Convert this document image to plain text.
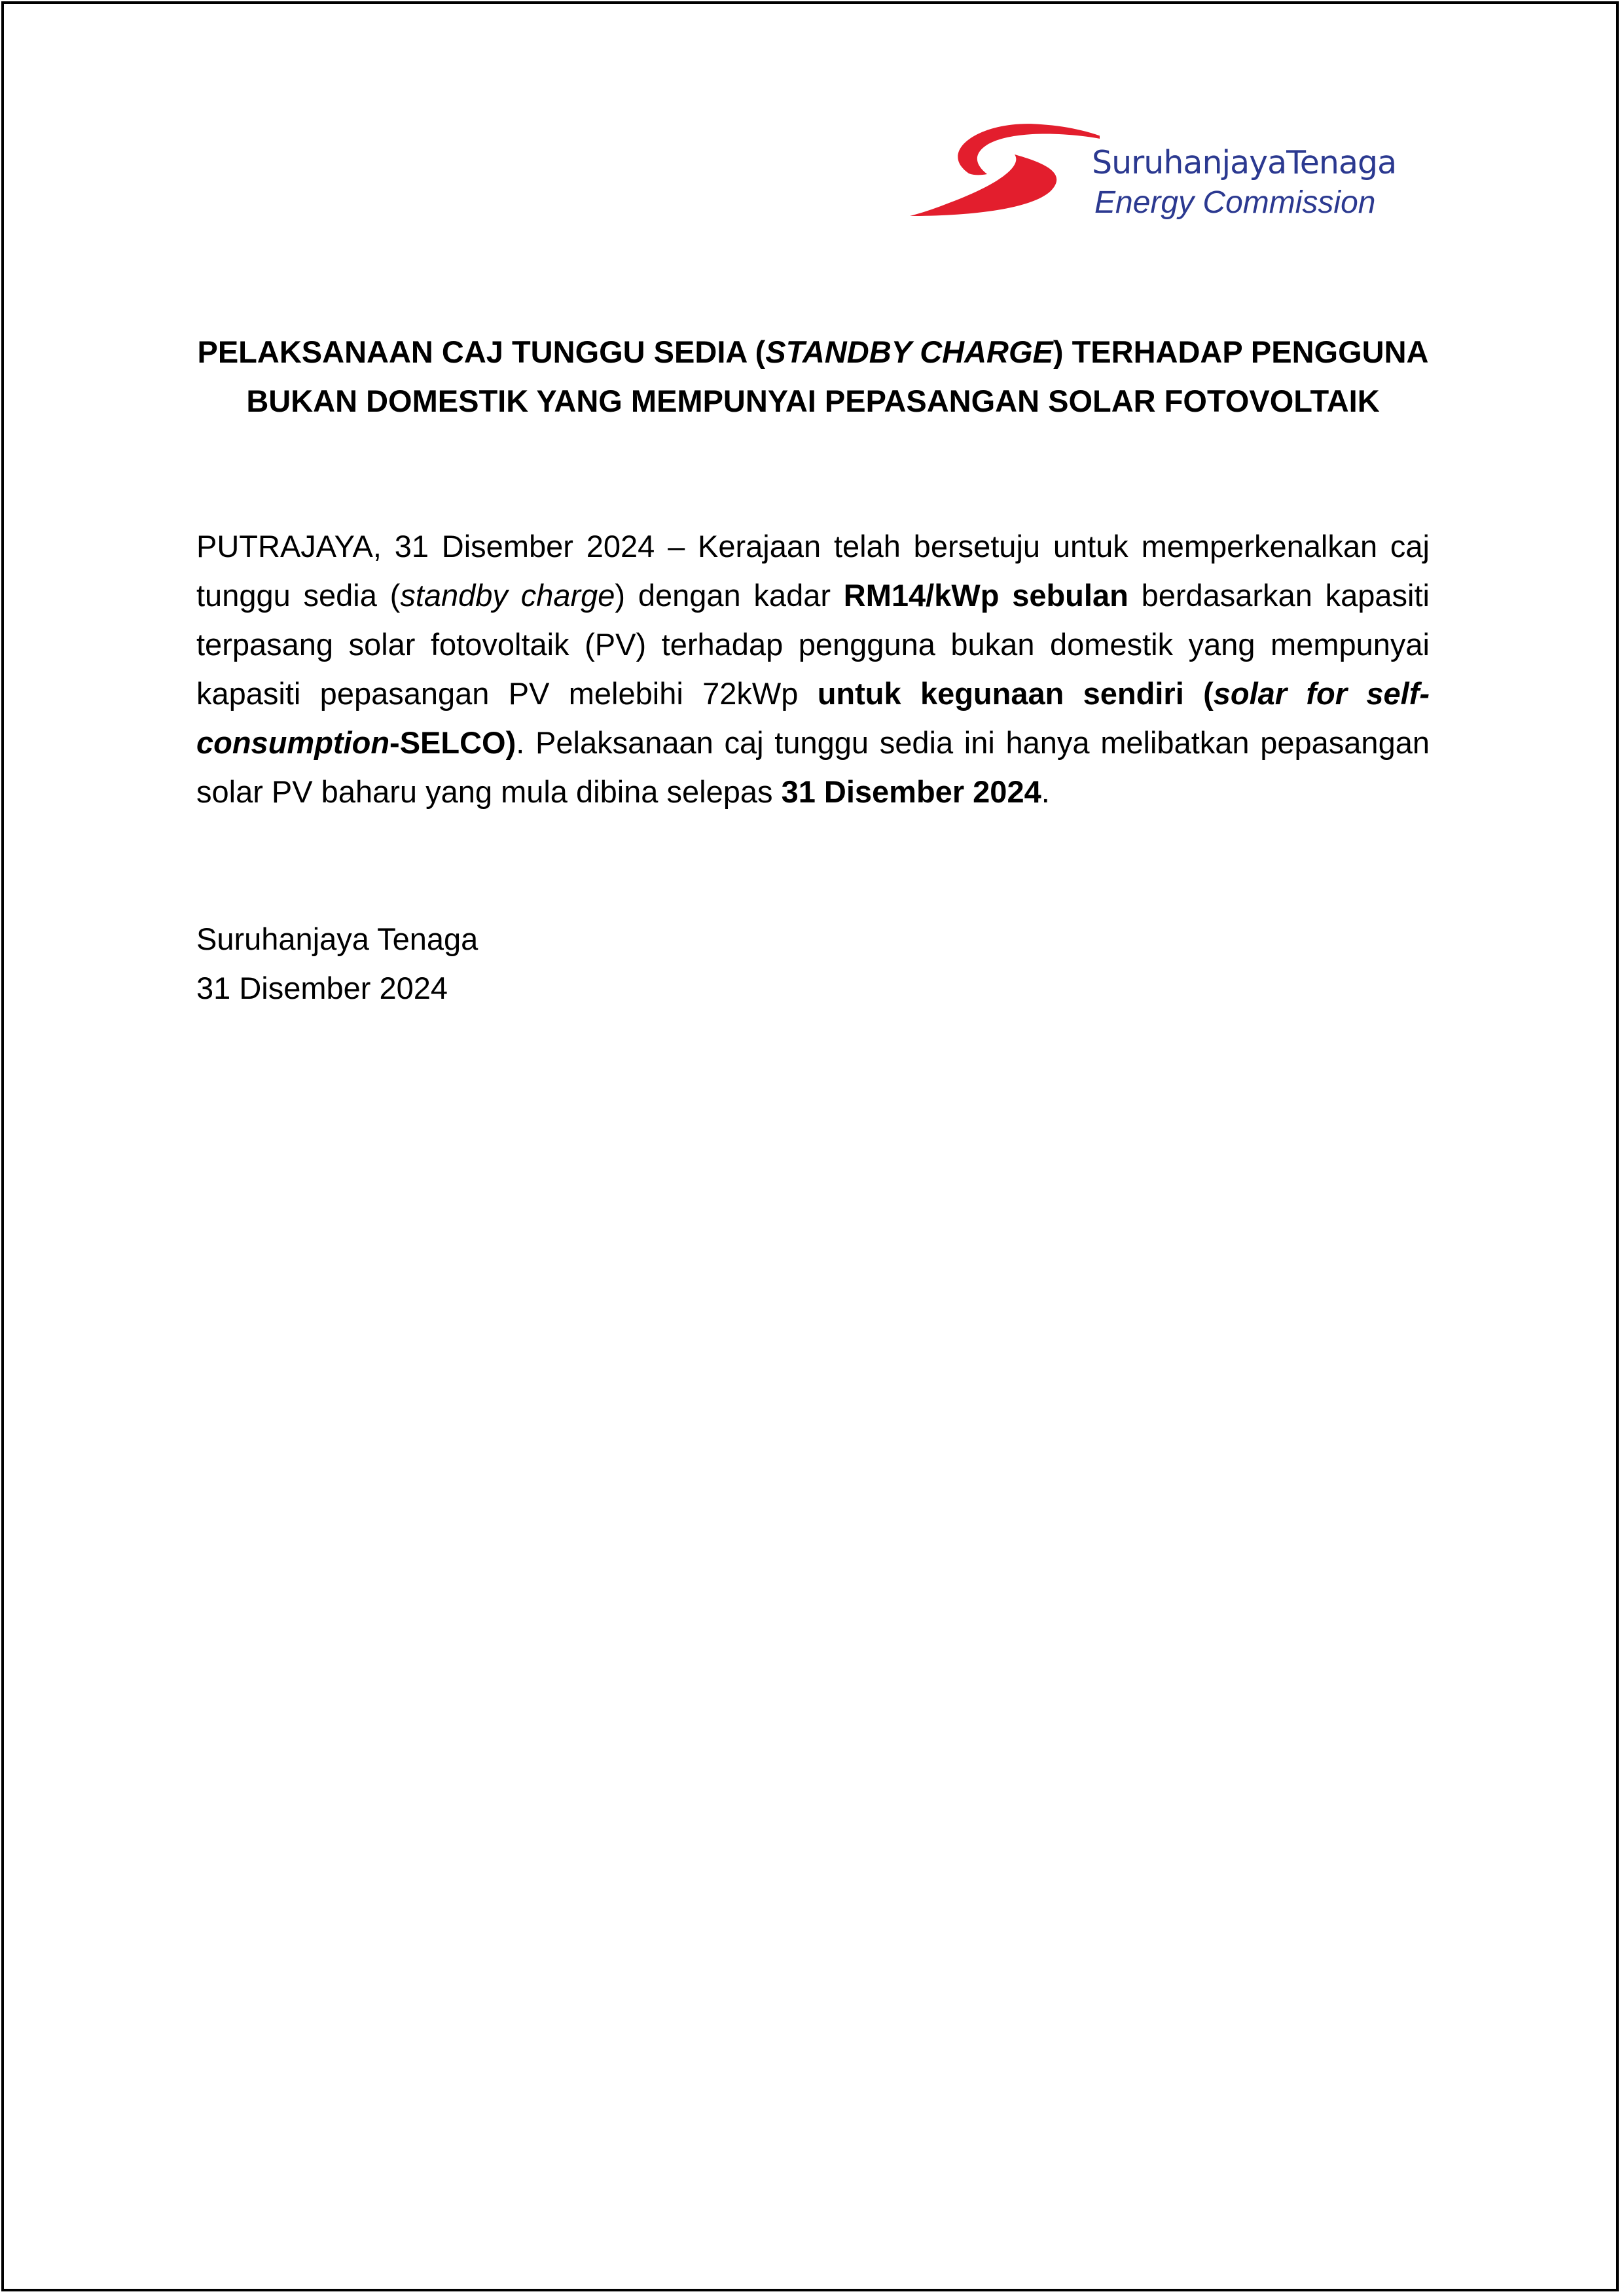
SuruhanjayaTenaga
Energy Commission
PELAKSANAAN CAJ TUNGGU SEDIA (STANDBY CHARGE) TERHADAP PENGGUNA BUKAN DOMESTIK YANG MEMPUNYAI PEPASANGAN SOLAR FOTOVOLTAIK

PUTRAJAYA, 31 Disember 2024 – Kerajaan telah bersetuju untuk memperkenalkan caj tunggu sedia (standby charge) dengan kadar RM14/kWp sebulan berdasarkan kapasiti terpasang solar fotovoltaik (PV) terhadap pengguna bukan domestik yang mempunyai kapasiti pepasangan PV melebihi 72kWp untuk kegunaan sendiri (solar for self-consumption-SELCO). Pelaksanaan caj tunggu sedia ini hanya melibatkan pepasangan solar PV baharu yang mula dibina selepas 31 Disember 2024.

Suruhanjaya Tenaga
31 Disember 2024
